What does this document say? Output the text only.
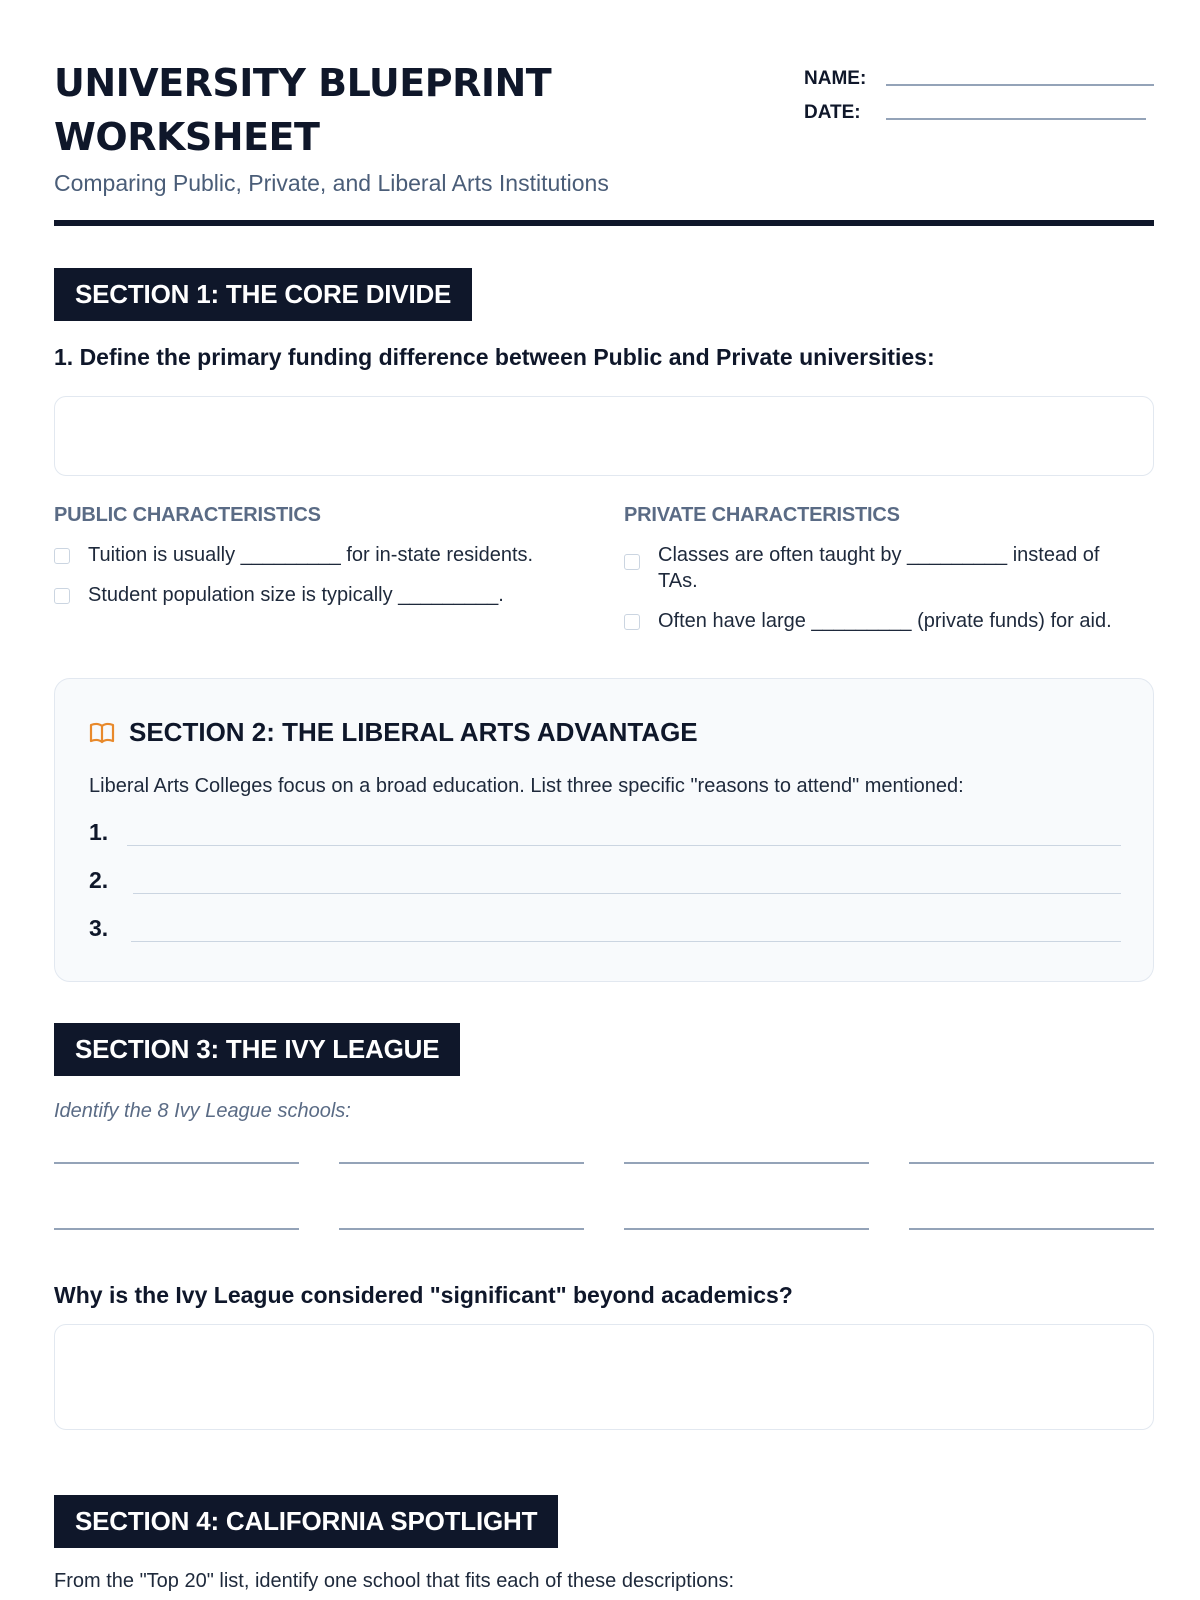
UNIVERSITY BLUEPRINT WORKSHEET
Comparing Public, Private, and Liberal Arts Institutions
NAME:
DATE:
SECTION 1: THE CORE DIVIDE
1. Define the primary funding difference between Public and Private universities:
PUBLIC CHARACTERISTICS
Tuition is usually _________ for in-state residents.
Student population size is typically _________.
PRIVATE CHARACTERISTICS
Classes are often taught by _________ instead of TAs.
Often have large _________ (private funds) for aid.
SECTION 2: THE LIBERAL ARTS ADVANTAGE
Liberal Arts Colleges focus on a broad education. List three specific "reasons to attend" mentioned:
1.
2.
3.
SECTION 3: THE IVY LEAGUE
Identify the 8 Ivy League schools:
Why is the Ivy League considered "significant" beyond academics?
SECTION 4: CALIFORNIA SPOTLIGHT
From the "Top 20" list, identify one school that fits each of these descriptions:
